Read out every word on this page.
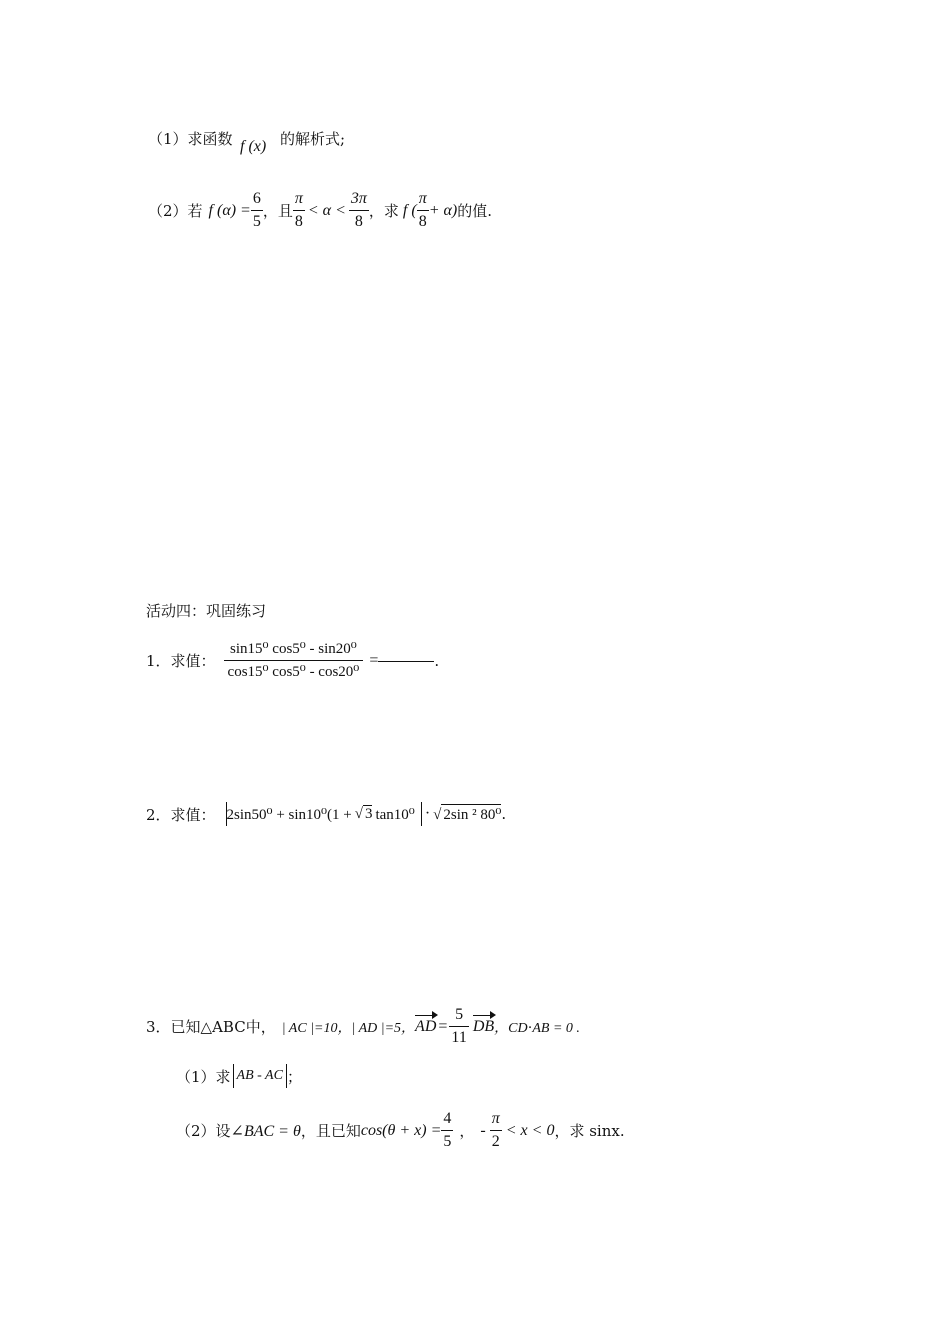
（1）求函数 f (x) 的解析式;
（2）若 f $(\alpha) = \frac{6}{5}$ ，且 $\frac{\pi}{8} < \alpha < \frac{3\pi}{8}$ ，求 f ( $\frac{\pi}{8} + \alpha$) 的值.
活动四：巩固练习
1．求值： $\frac{\text{sin15⁰ cos5⁰ - sin20⁰}}{\text{cos15⁰ cos5⁰ - cos20⁰}}$ =	.
2．求值： 2sin50⁰ + sin10⁰(1 + √ 3 tan10⁰ · √ 2sin ² 80⁰ .
3．已知△ABC中， | AC |=10，| AD |=5， AD = $\frac{5}{11}$ DB ，CD⋅AB = 0 .
（1）求 AB - AC ；
（2）设 ∠BAC = θ ，且已知 $\cos(\theta + x) = \frac{4}{5}$ ， - $\frac{\pi}{2} < x < 0$ ，求 sinx.
